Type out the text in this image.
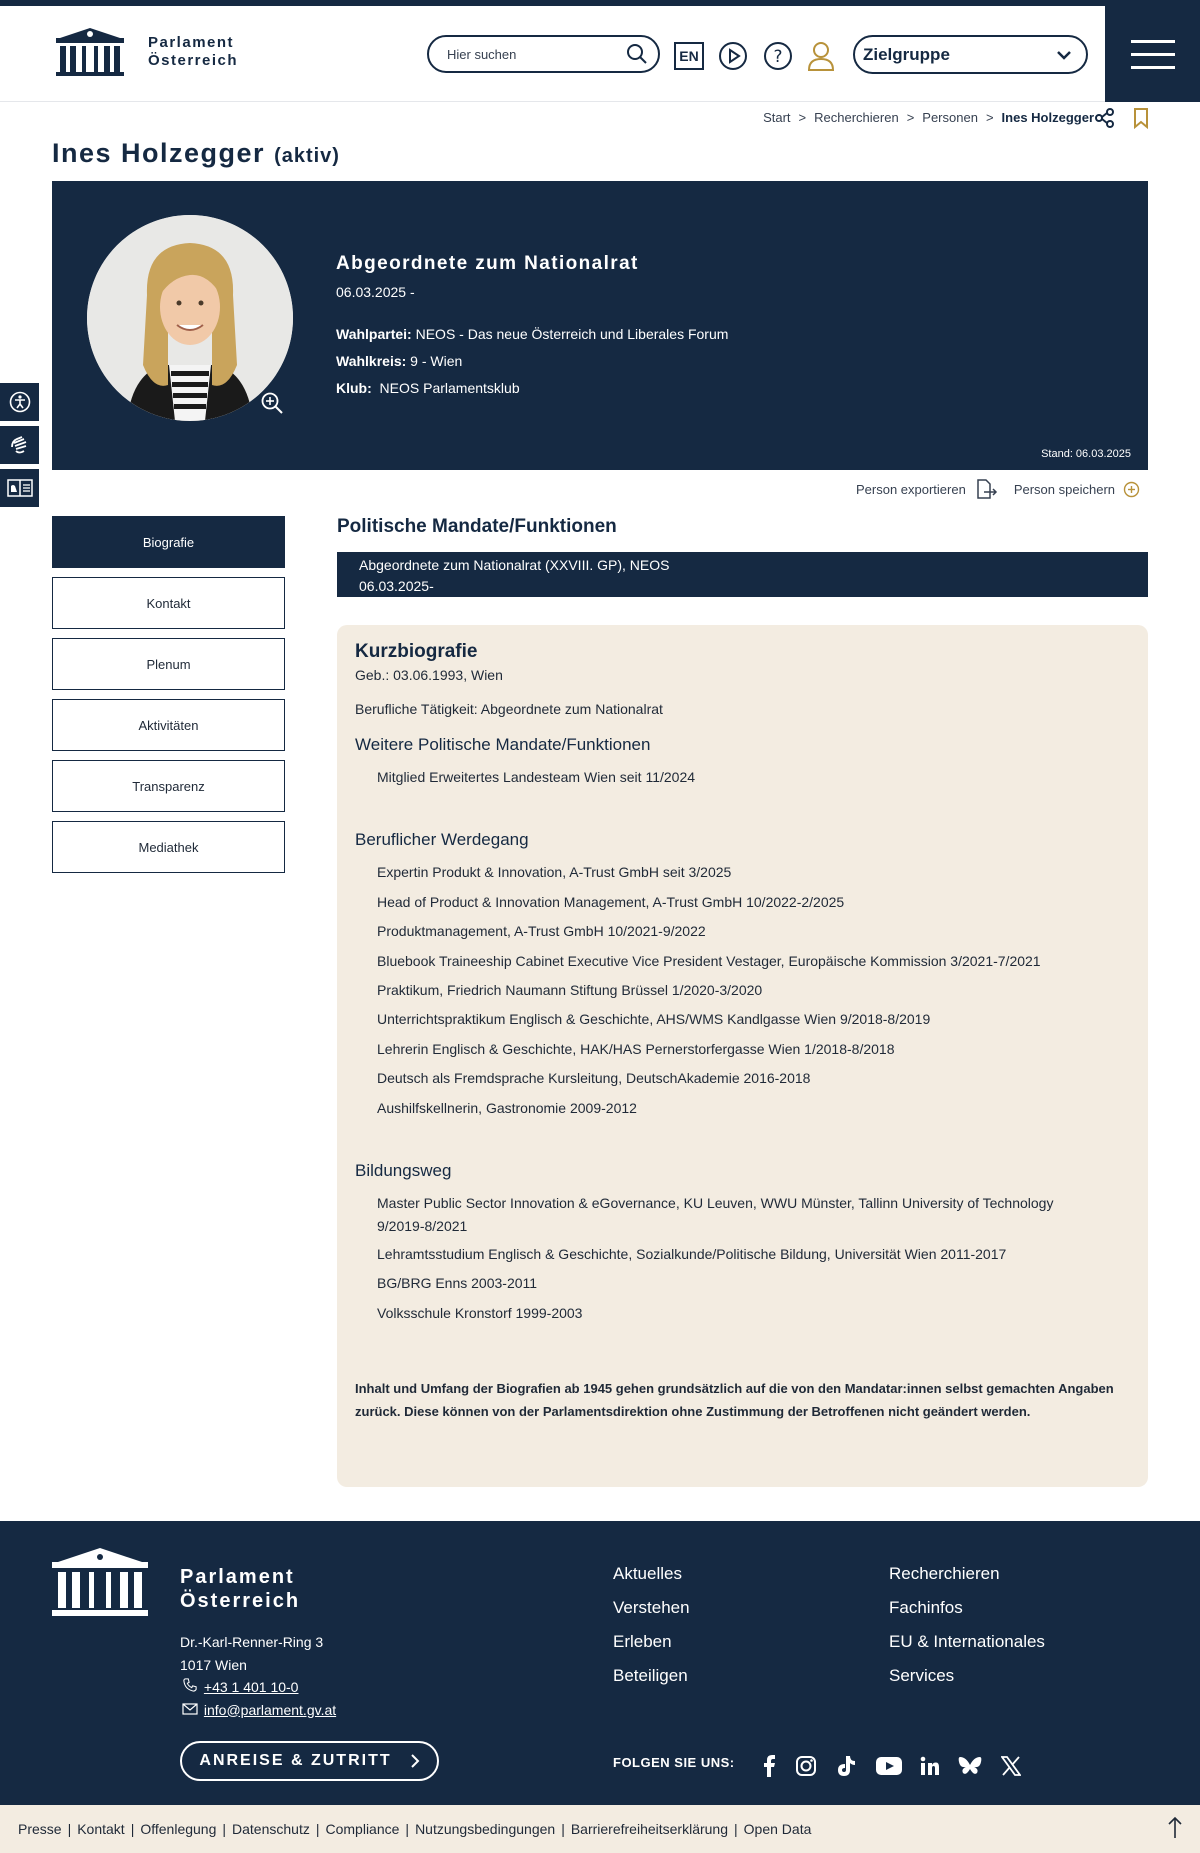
Parlament
Österreich
Hier suchen	EN	?	Zielgruppe
Start > Recherchieren > Personen > Ines Holzegger
Ines Holzegger (aktiv)
Abgeordnete zum Nationalrat
06.03.2025 -
Wahlpartei: NEOS - Das neue Österreich und Liberales Forum
Wahlkreis: 9 - Wien
Klub: NEOS Parlamentsklub
Stand: 06.03.2025
Person exportieren	Person speichern
Biografie
Kontakt
Plenum
Aktivitäten
Transparenz
Mediathek
Politische Mandate/Funktionen
Abgeordnete zum Nationalrat (XXVIII. GP), NEOS
06.03.2025-
Kurzbiografie
Geb.: 03.06.1993, Wien
Berufliche Tätigkeit: Abgeordnete zum Nationalrat
Weitere Politische Mandate/Funktionen
Mitglied Erweitertes Landesteam Wien seit 11/2024
Beruflicher Werdegang
Expertin Produkt & Innovation, A-Trust GmbH seit 3/2025
Head of Product & Innovation Management, A-Trust GmbH 10/2022-2/2025
Produktmanagement, A-Trust GmbH 10/2021-9/2022
Bluebook Traineeship Cabinet Executive Vice President Vestager, Europäische Kommission 3/2021-7/2021
Praktikum, Friedrich Naumann Stiftung Brüssel 1/2020-3/2020
Unterrichtspraktikum Englisch & Geschichte, AHS/WMS Kandlgasse Wien 9/2018-8/2019
Lehrerin Englisch & Geschichte, HAK/HAS Pernerstorfergasse Wien 1/2018-8/2018
Deutsch als Fremdsprache Kursleitung, DeutschAkademie 2016-2018
Aushilfskellnerin, Gastronomie 2009-2012
Bildungsweg
Master Public Sector Innovation & eGovernance, KU Leuven, WWU Münster, Tallinn University of Technology
9/2019-8/2021
Lehramtsstudium Englisch & Geschichte, Sozialkunde/Politische Bildung, Universität Wien 2011-2017
BG/BRG Enns 2003-2011
Volksschule Kronstorf 1999-2003
Inhalt und Umfang der Biografien ab 1945 gehen grundsätzlich auf die von den Mandatar:innen selbst gemachten Angaben zurück. Diese können von der Parlamentsdirektion ohne Zustimmung der Betroffenen nicht geändert werden.
Parlament
Österreich
Dr.-Karl-Renner-Ring 3
1017 Wien
+43 1 401 10-0
info@parlament.gv.at
Aktuelles
Verstehen
Erleben
Beteiligen
Recherchieren
Fachinfos
EU & Internationales
Services
ANREISE & ZUTRITT	FOLGEN SIE UNS:
Presse | Kontakt | Offenlegung | Datenschutz | Compliance | Nutzungsbedingungen | Barrierefreiheitserklärung | Open Data
